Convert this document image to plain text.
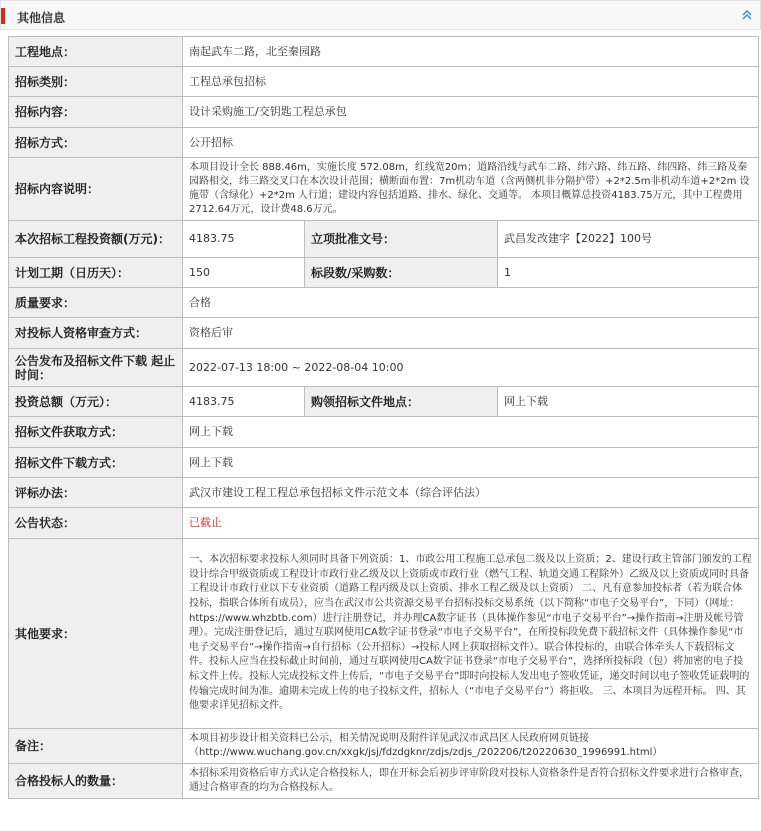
其他信息
工程地点：	南起武车二路，北至秦园路		
招标类别：	工程总承包招标		
招标内容：	设计采购施工/交钥匙工程总承包		
招标方式：	公开招标		
招标内容说明：	本项目设计全长 888.46m，实施长度 572.08m，红线宽20m；道路沿线与武车二路、纬六路、纬五路、纬四路、纬三路及秦园路相交，纬三路交叉口在本次设计范围；横断面布置：7m机动车道（含两侧机非分隔护带）+2*2.5m非机动车道+2*2m 设施带（含绿化）+2*2m 人行道；建设内容包括道路、排水、绿化、交通等。 本项目概算总投资4183.75万元，其中工程费用2712.64万元，设计费48.6万元。		
本次招标工程投资额(万元)：	4183.75	立项批准文号：	武昌发改建字【2022】100号
计划工期（日历天）：	150	标段数/采购数：	1
质量要求：	合格		
对投标人资格审查方式：	资格后审		
公告发布及招标文件下载 起止时间：	2022-07-13 18:00 ~ 2022-08-04 10:00		
投资总额（万元）：	4183.75	购领招标文件地点：	网上下载
招标文件获取方式：	网上下载		
招标文件下载方式：	网上下载		
评标办法：	武汉市建设工程工程总承包招标文件示范文本（综合评估法）		
公告状态：	已截止		
其他要求：	一、本次招标要求投标人须同时具备下列资质：1、市政公用工程施工总承包二级及以上资质；2、建设行政主管部门颁发的工程设计综合甲级资质或工程设计市政行业乙级及以上资质或市政行业（燃气工程、轨道交通工程除外）乙级及以上资质或同时具备工程设计市政行业以下专业资质（道路工程丙级及以上资质、排水工程乙级及以上资质） 二、凡有意参加投标者（若为联合体投标，指联合体所有成员），应当在武汉市公共资源交易平台招标投标交易系统（以下简称“市电子交易平台”，下同）（网址：https://www.whzbtb.com）进行注册登记，并办理CA数字证书（具体操作参见“市电子交易平台”→操作指南→注册及帐号管理）。完成注册登记后，通过互联网使用CA数字证书登录“市电子交易平台”，在所投标段免费下载招标文件（具体操作参见“市电子交易平台”→操作指南→自行招标（公开招标）→投标人网上获取招标文件）。联合体投标的，由联合体牵头人下载招标文件。投标人应当在投标截止时间前，通过互联网使用CA数字证书登录“市电子交易平台”，选择所投标段（包）将加密的电子投标文件上传。投标人完成投标文件上传后，“市电子交易平台”即时向投标人发出电子签收凭证，递交时间以电子签收凭证载明的传输完成时间为准。逾期未完成上传的电子投标文件，招标人（“市电子交易平台”）将拒收。 三、本项目为远程开标。 四、其他要求详见招标文件。		
备注：	本项目初步设计相关资料已公示，相关情况说明及附件详见武汉市武昌区人民政府网页链接（http://www.wuchang.gov.cn/xxgk/jsj/fdzdgknr/zdjs/zdjs_/202206/t20220630_1996991.html）		
合格投标人的数量：	本招标采用资格后审方式认定合格投标人，即在开标会后初步评审阶段对投标人资格条件是否符合招标文件要求进行合格审查，通过合格审查的均为合格投标人。		
